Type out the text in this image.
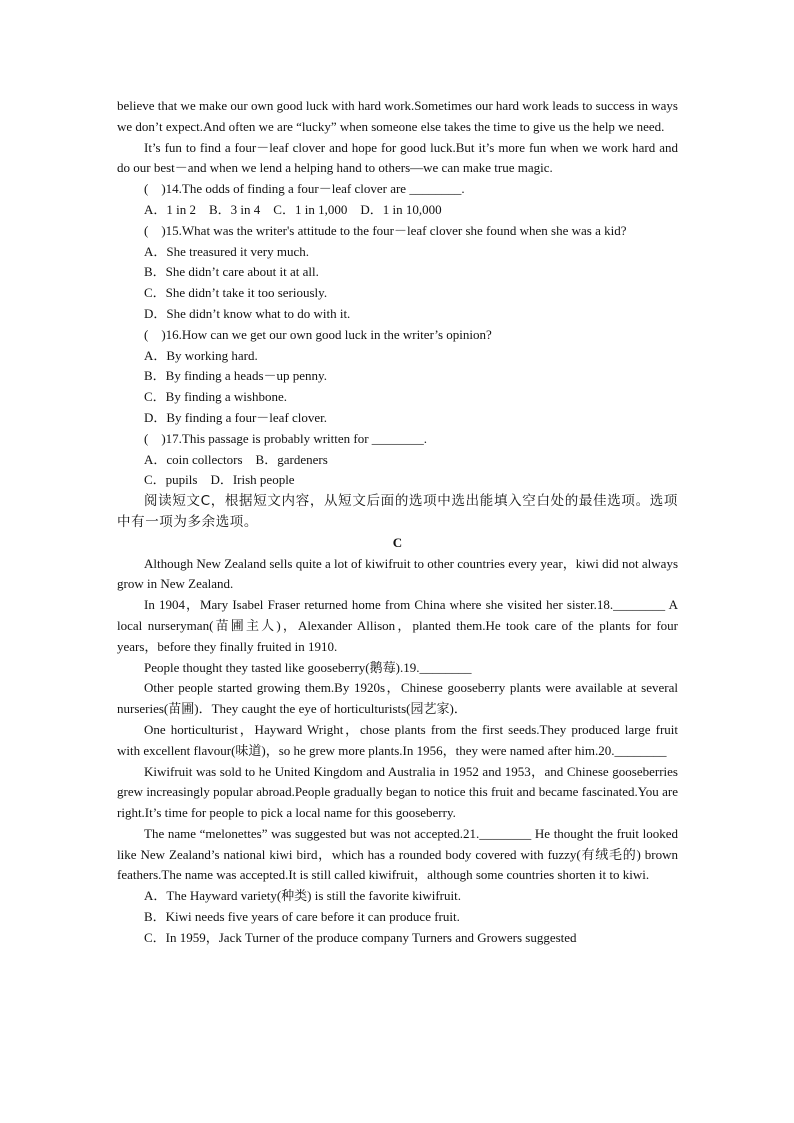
believe that we make our own good luck with hard work.Sometimes our hard work leads to success in ways we don’t expect.And often we are “lucky” when someone else takes the time to give us the help we need.

It’s fun to find a four－leaf clover and hope for good luck.But it’s more fun when we work hard and do our best－and when we lend a helping hand to others—we can make true magic.

(　)14.The odds of finding a four－leaf clover are ________.

A．1 in 2　B．3 in 4　C．1 in 1,000　D．1 in 10,000

(　)15.What was the writer's attitude to the four－leaf clover she found when she was a kid?

A．She treasured it very much.

B．She didn’t care about it at all.

C．She didn’t take it too seriously.

D．She didn’t know what to do with it.

(　)16.How can we get our own good luck in the writer’s opinion?

A．By working hard.

B．By finding a heads－up penny.

C．By finding a wishbone.

D．By finding a four－leaf clover.

(　)17.This passage is probably written for ________.

A．coin collectors　B．gardeners

C．pupils　D．Irish people

阅读短文C，根据短文内容，从短文后面的选项中选出能填入空白处的最佳选项。选项中有一项为多余选项。

C

Although New Zealand sells quite a lot of kiwifruit to other countries every year，kiwi did not always grow in New Zealand.

In 1904，Mary Isabel Fraser returned home from China where she visited her sister.18.________ A local nurseryman(苗圃主人)，Alexander Allison，planted them.He took care of the plants for four years，before they finally fruited in 1910.

People thought they tasted like gooseberry(鹅莓).19.________

Other people started growing them.By 1920s，Chinese gooseberry plants were available at several nurseries(苗圃)．They caught the eye of horticulturists(园艺家)．

One horticulturist，Hayward Wright，chose plants from the first seeds.They produced large fruit with excellent flavour(味道)，so he grew more plants.In 1956，they were named after him.20.________

Kiwifruit was sold to he United Kingdom and Australia in 1952 and 1953，and Chinese gooseberries grew increasingly popular abroad.People gradually began to notice this fruit and became fascinated.You are right.It’s time for people to pick a local name for this gooseberry.

The name “melonettes” was suggested but was not accepted.21.________ He thought the fruit looked like New Zealand’s national kiwi bird，which has a rounded body covered with fuzzy(有绒毛的) brown feathers.The name was accepted.It is still called kiwifruit，although some countries shorten it to kiwi.

A．The Hayward variety(种类) is still the favorite kiwifruit.

B．Kiwi needs five years of care before it can produce fruit.

C．In 1959，Jack Turner of the produce company Turners and Growers suggested
